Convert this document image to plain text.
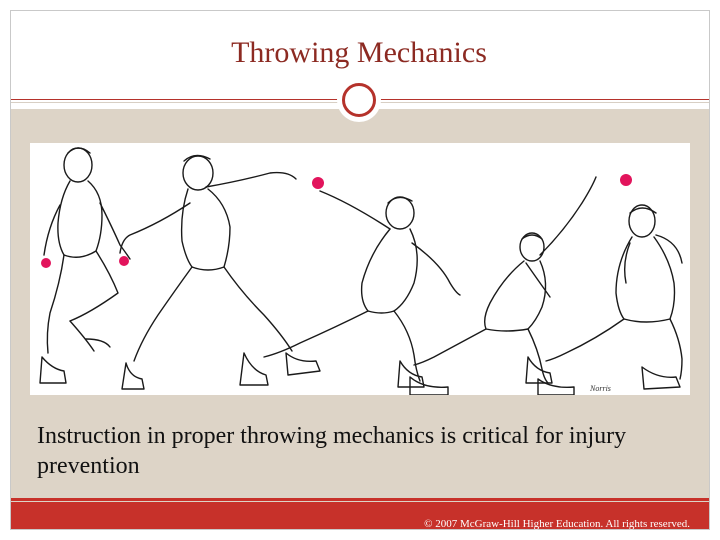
Throwing Mechanics
Norris
Instruction in proper throwing mechanics is critical for injury prevention
© 2007 McGraw-Hill Higher Education. All rights reserved.
